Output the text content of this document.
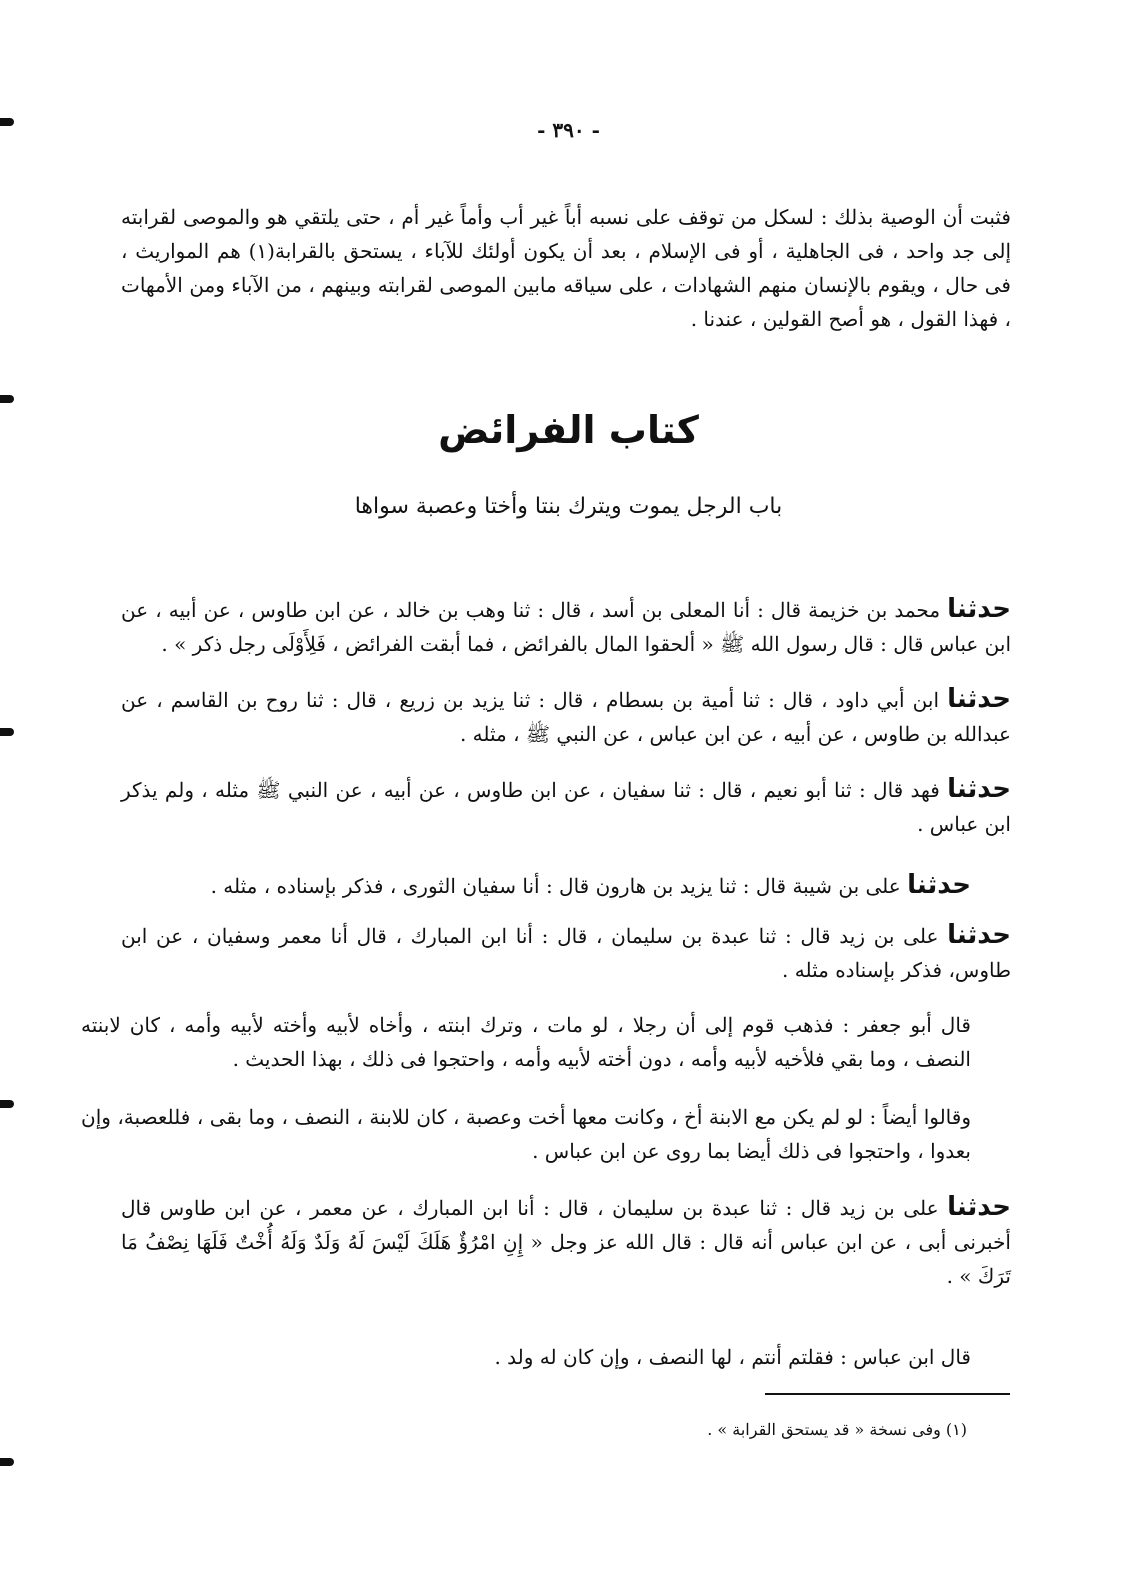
- ٣٩٠ -

فثبت أن الوصية بذلك : لسكل من توقف على نسبه أباً غير أب وأماً غير أم ، حتى يلتقي هو والموصى لقرابته إلى جد واحد ، فى الجاهلية ، أو فى الإسلام ، بعد أن يكون أولئك للآباء ، يستحق بالقرابة(١) هم المواريث ، فى حال ، ويقوم بالإنسان منهم الشهادات ، على سياقه مابين الموصى لقرابته وبينهم ، من الآباء ومن الأمهات ، فهذا القول ، هو أصح القولين ، عندنا .

كتاب الفرائض
باب الرجل يموت ويترك بنتا وأختا وعصبة سواها

حدثنا محمد بن خزيمة قال : أنا المعلى بن أسد ، قال : ثنا وهب بن خالد ، عن ابن طاوس ، عن أبيه ، عن ابن عباس قال : قال رسول الله ﷺ « ألحقوا المال بالفرائض ، فما أبقت الفرائض ، فَلِأَوْلَى رجل ذكر » .

حدثنا ابن أبي داود ، قال : ثنا أمية بن بسطام ، قال : ثنا يزيد بن زريع ، قال : ثنا روح بن القاسم ، عن عبدالله بن طاوس ، عن أبيه ، عن ابن عباس ، عن النبي ﷺ ، مثله .

حدثنا فهد قال : ثنا أبو نعيم ، قال : ثنا سفيان ، عن ابن طاوس ، عن أبيه ، عن النبي ﷺ مثله ، ولم يذكر ابن عباس .

حدثنا على بن شيبة قال : ثنا يزيد بن هارون قال : أنا سفيان الثورى ، فذكر بإسناده ، مثله .

حدثنا على بن زيد قال : ثنا عبدة بن سليمان ، قال : أنا ابن المبارك ، قال أنا معمر وسفيان ، عن ابن طاوس، فذكر بإسناده مثله .

قال أبو جعفر : فذهب قوم إلى أن رجلا ، لو مات ، وترك ابنته ، وأخاه لأبيه وأخته لأبيه وأمه ، كان لابنته النصف ، وما بقي فلأخيه لأبيه وأمه ، دون أخته لأبيه وأمه ، واحتجوا فى ذلك ، بهذا الحديث .

وقالوا أيضاً : لو لم يكن مع الابنة أخ ، وكانت معها أخت وعصبة ، كان للابنة ، النصف ، وما بقى ، فللعصبة، وإن بعدوا ، واحتجوا فى ذلك أيضا بما روى عن ابن عباس .

حدثنا على بن زيد قال : ثنا عبدة بن سليمان ، قال : أنا ابن المبارك ، عن معمر ، عن ابن طاوس قال أخبرنى أبى ، عن ابن عباس أنه قال : قال الله عز وجل « إِنِ امْرُؤٌ هَلَكَ لَيْسَ لَهُ وَلَدٌ وَلَهُ أُخْتٌ فَلَهَا نِصْفُ مَا تَرَكَ » .

قال ابن عباس : فقلتم أنتم ، لها النصف ، وإن كان له ولد .

(١) وفى نسخة « قد يستحق القرابة » .
